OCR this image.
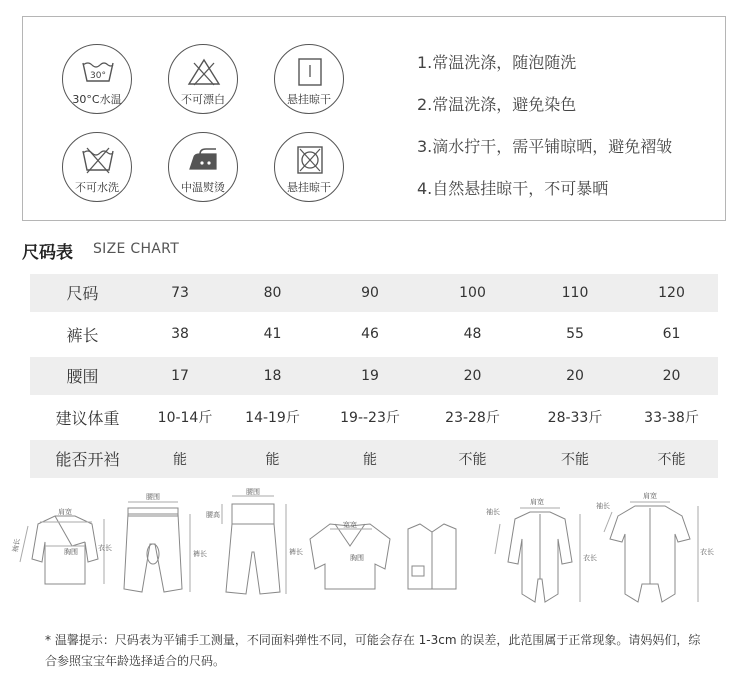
30°
30°C水温	不可漂白	悬挂晾干
不可水洗	中温熨烫	悬挂晾干
1.常温洗涤，随泡随洗
2.常温洗涤，避免染色
3.滴水拧干，需平铺晾晒，避免褶皱
4.自然悬挂晾干，不可暴晒
尺码表 SIZE CHART
尺码	73	80	90	100	110	120
裤长	38	41	46	48	55	61
腰围	17	18	19	20	20	20
建议体重	10-14斤	14-19斤	19--23斤	23-28斤	28-33斤	33-38斤
能否开裆	能	能	能	不能	不能	不能
肩宽
胸围
袖长	衣长
腰围
裤长
腰围
腰高
裤长
宽宽
胸围
肩宽
袖长
衣长
肩宽
袖长
衣长
* 温馨提示：尺码表为平铺手工测量，不同面料弹性不同，可能会存在 1-3cm 的误差，此范围属于正常现象。请妈妈们，综合参照宝宝年龄选择适合的尺码。
